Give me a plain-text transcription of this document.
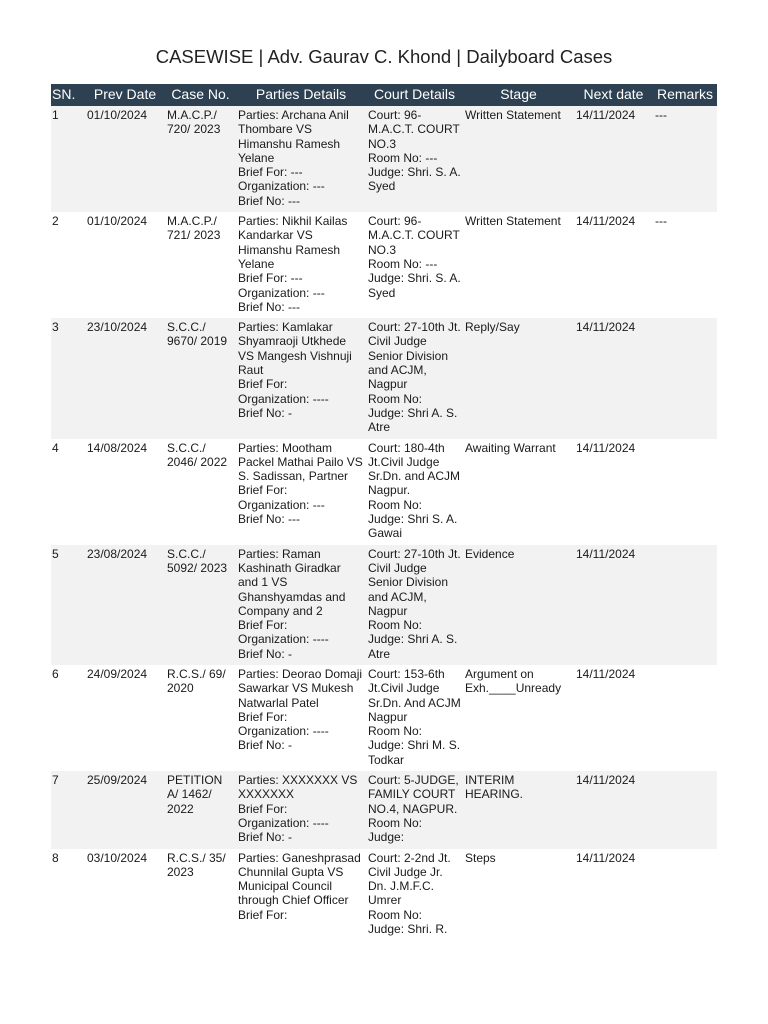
CASEWISE | Adv. Gaurav C. Khond | Dailyboard Cases
SN.	Prev Date	Case No.	Parties Details	Court Details	Stage	Next date	Remarks
1	01/10/2024	M.A.C.P./ 720/ 2023	Parties: Archana Anil Thombare VS Himanshu Ramesh Yelane
Brief For: ---
Organization: ---
Brief No: ---	Court: 96-M.A.C.T. COURT NO.3
Room No: ---
Judge: Shri. S. A. Syed	Written Statement	14/11/2024	---
2	01/10/2024	M.A.C.P./ 721/ 2023	Parties: Nikhil Kailas Kandarkar VS Himanshu Ramesh Yelane
Brief For: ---
Organization: ---
Brief No: ---	Court: 96-M.A.C.T. COURT NO.3
Room No: ---
Judge: Shri. S. A. Syed	Written Statement	14/11/2024	---
3	23/10/2024	S.C.C./ 9670/ 2019	Parties: Kamlakar Shyamraoji Utkhede VS Mangesh Vishnuji Raut
Brief For:
Organization: ----
Brief No: -	Court: 27-10th Jt. Civil Judge Senior Division and ACJM, Nagpur
Room No:
Judge: Shri A. S. Atre	Reply/Say	14/11/2024	
4	14/08/2024	S.C.C./ 2046/ 2022	Parties: Mootham Packel Mathai Pailo VS S. Sadissan, Partner
Brief For:
Organization: ---
Brief No: ---	Court: 180-4th Jt.Civil Judge Sr.Dn. and ACJM Nagpur.
Room No:
Judge: Shri S. A. Gawai	Awaiting Warrant	14/11/2024	
5	23/08/2024	S.C.C./ 5092/ 2023	Parties: Raman Kashinath Giradkar and 1 VS Ghanshyamdas and Company and 2
Brief For:
Organization: ----
Brief No: -	Court: 27-10th Jt. Civil Judge Senior Division and ACJM, Nagpur
Room No:
Judge: Shri A. S. Atre	Evidence	14/11/2024	
6	24/09/2024	R.C.S./ 69/ 2020	Parties: Deorao Domaji Sawarkar VS Mukesh Natwarlal Patel
Brief For:
Organization: ----
Brief No: -	Court: 153-6th Jt.Civil Judge Sr.Dn. And ACJM Nagpur
Room No:
Judge: Shri M. S. Todkar	Argument on Exh.____Unready	14/11/2024	
7	25/09/2024	PETITION A/ 1462/ 2022	Parties: XXXXXXX VS XXXXXXX
Brief For:
Organization: ----
Brief No: -	Court: 5-JUDGE, FAMILY COURT NO.4, NAGPUR.
Room No:
Judge:	INTERIM HEARING.	14/11/2024	
8	03/10/2024	R.C.S./ 35/ 2023	Parties: Ganeshprasad Chunnilal Gupta VS Municipal Council through Chief Officer
Brief For:	Court: 2-2nd Jt. Civil Judge Jr. Dn. J.M.F.C. Umrer
Room No:
Judge: Shri. R.	Steps	14/11/2024	
